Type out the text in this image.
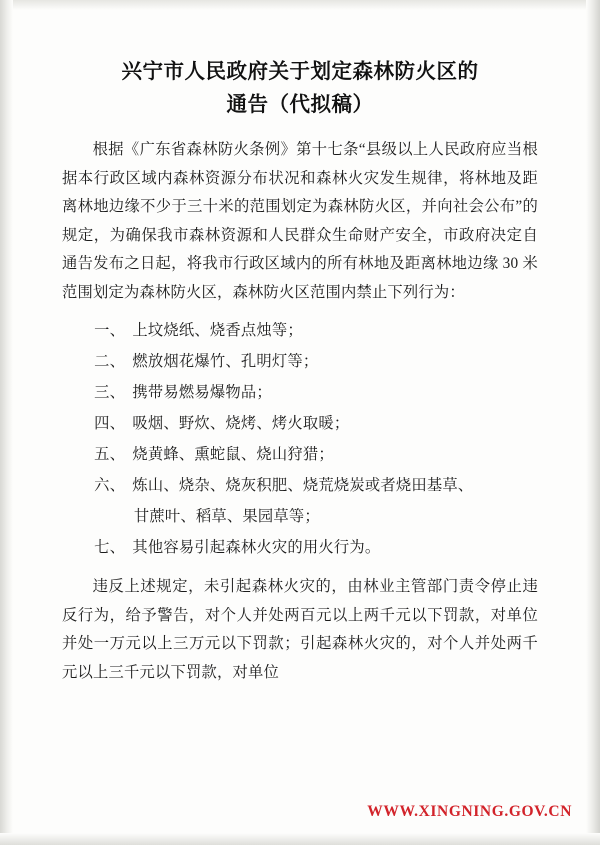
兴宁市人民政府关于划定森林防火区的
通告（代拟稿）

根据《广东省森林防火条例》第十七条“县级以上人民政府应当根据本行政区域内森林资源分布状况和森林火灾发生规律，将林地及距离林地边缘不少于三十米的范围划定为森林防火区，并向社会公布”的规定，为确保我市森林资源和人民群众生命财产安全，市政府决定自通告发布之日起，将我市行政区域内的所有林地及距离林地边缘 30 米范围划定为森林防火区，森林防火区范围内禁止下列行为：

一、 上坟烧纸、烧香点烛等；
二、 燃放烟花爆竹、孔明灯等；
三、 携带易燃易爆物品；
四、 吸烟、野炊、烧烤、烤火取暖；
五、 烧黄蜂、熏蛇鼠、烧山狩猎；
六、 炼山、烧杂、烧灰积肥、烧荒烧炭或者烧田基草、
甘蔗叶、稻草、果园草等；
七、 其他容易引起森林火灾的用火行为。

违反上述规定，未引起森林火灾的，由林业主管部门责令停止违反行为，给予警告，对个人并处两百元以上两千元以下罚款，对单位并处一万元以上三万元以下罚款；引起森林火灾的，对个人并处两千元以上三千元以下罚款，对单位

WWW.XINGNING.GOV.CN
